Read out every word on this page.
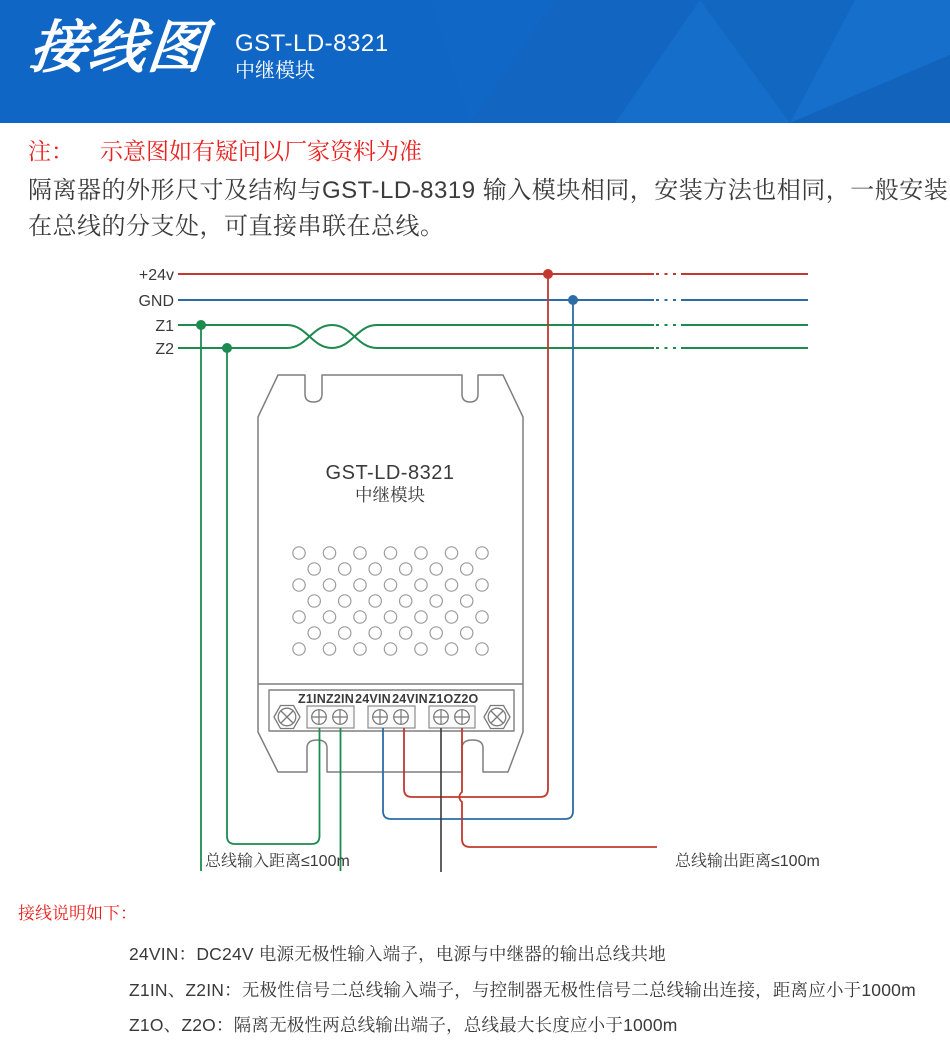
接线图 GST-LD-8321
中继模块

注： 示意图如有疑问以厂家资料为准

隔离器的外形尺寸及结构与GST-LD-8319 输入模块相同，安装方法也相同，一般安装

在总线的分支处，可直接串联在总线。

+24v
GND
Z1
Z2
GST-LD-8321
中继模块
Z1IN Z2IN 24VIN 24VIN Z1O Z2O
总线输入距离≤100m	总线输出距离≤100m

接线说明如下：

24VIN：DC24V 电源无极性输入端子，电源与中继器的输出总线共地

Z1IN、Z2IN：无极性信号二总线输入端子，与控制器无极性信号二总线输出连接，距离应小于1000m

Z1O、Z2O：隔离无极性两总线输出端子，总线最大长度应小于1000m
